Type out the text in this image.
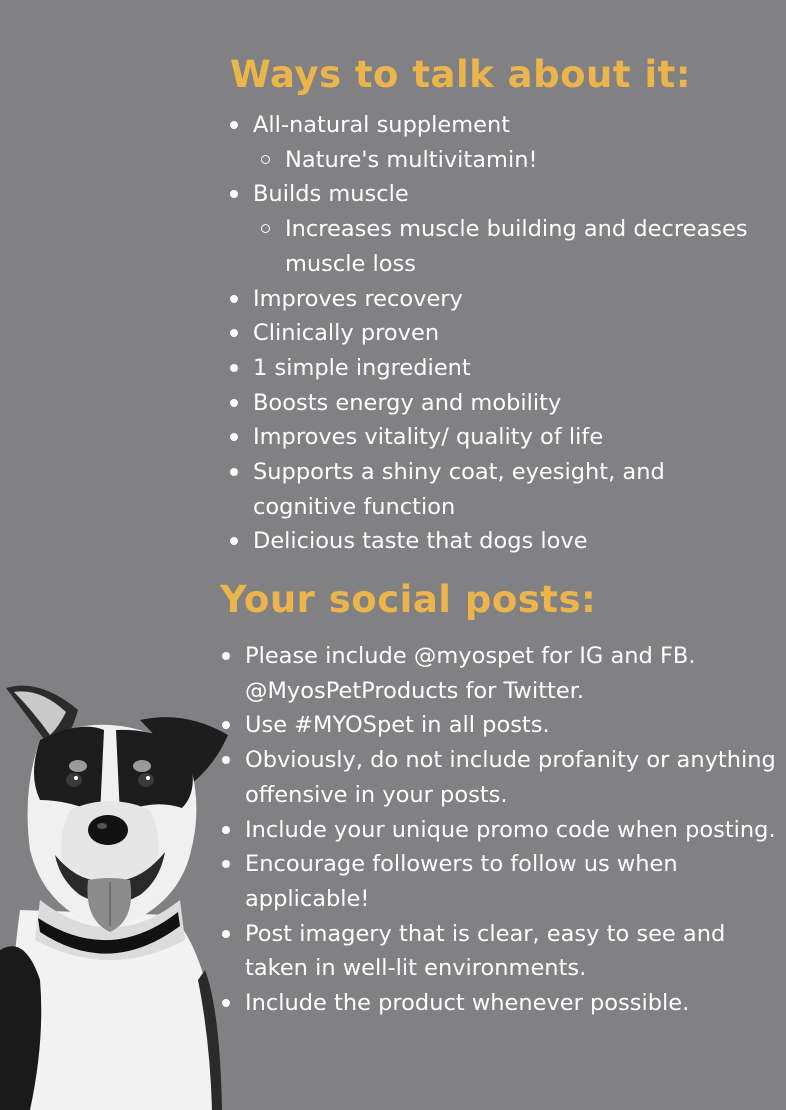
Ways to talk about it:
All-natural supplement
Nature's multivitamin!
Builds muscle
Increases muscle building and decreases muscle loss
Improves recovery
Clinically proven
1 simple ingredient
Boosts energy and mobility
Improves vitality/ quality of life
Supports a shiny coat, eyesight, and cognitive function
Delicious taste that dogs love
Your social posts:
Please include @myospet for IG and FB. @MyosPetProducts for Twitter.
Use #MYOSpet in all posts.
Obviously, do not include profanity or anything offensive in your posts.
Include your unique promo code when posting.
Encourage followers to follow us when applicable!
Post imagery that is clear, easy to see and taken in well-lit environments.
Include the product whenever possible.
